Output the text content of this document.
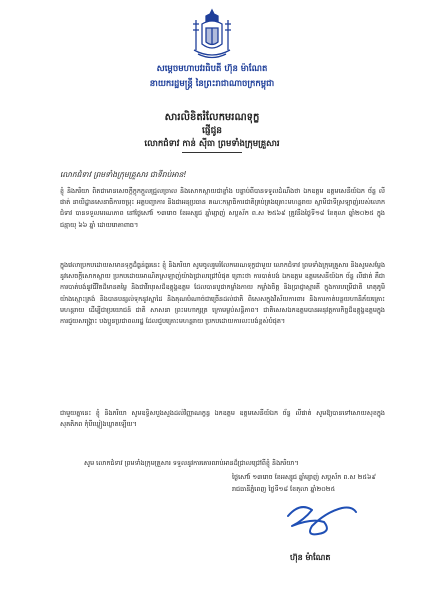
សម្ដេចមហាបវរធិបតី ហ៊ុន ម៉ាណែត
នាយករដ្ឋមន្ត្រី នៃព្រះរាជាណាចក្រកម្ពុជា
សារលិខិតរំលែកមរណទុក្ខ
ផ្ញើជូន
លោកជំទាវ កាន់ ស៊ីធា ព្រមទាំងក្រុមគ្រួសារ
លោកជំទាវ ព្រមទាំងក្រុមគ្រួសារ ជាទីរាប់អាន!

ខ្ញុំ និងភរិយា ពិតជាមានសេចក្ដីក្ដុកក្ដួលជ្រួលច្រាល និងសោកស្ដាយជាខ្លាំង បន្ទាប់ពីបានទទួលដំណឹងថា ឯកឧត្តម ឧត្តមសេនីយ៍ឯក ច័ន្ទ លីផាត់ នាយិដ្ឋានសេនាធិការចម្រុះ អគ្គបញ្ជាការ និងជាអនុប្រធាន គណៈកម្មាធិការជាតិគ្រប់គ្រងគ្រោះមហន្តរាយ ស្វាមីជាទីស្រឡាញ់របស់លោកជំទាវ បានទទួលមរណភាព នៅថ្ងៃសៅរ៍ ១៣រោច ខែអស្សុជ ឆ្នាំម្សាញ់ សប្តស័ក ព.ស ២៥៦៩ ត្រូវនឹងថ្ងៃទី១៨ ខែតុលា ឆ្នាំ២០២៥ ក្នុងជន្មាយុ ៦៦ ឆ្នាំ ដោយរោគាពាធ។

ក្នុងវេលាប្រកបដោយសមានទុក្ខដ៏ធ្ងន់ធ្ងរនេះ ខ្ញុំ និងភរិយា សូមចូលរួមរំលែកមរណទុក្ខជាមួយ លោកជំទាវ ព្រមទាំងក្រុមគ្រួសារ និងសូមសម្ដែងនូវសេចក្ដីសោកស្ដាយ ប្រកបដោយអាណិតស្រឡាញ់យ៉ាងជ្រាលជ្រៅបំផុត ព្រោះថា ការបាត់បង់ ឯកឧត្តម ឧត្តមសេនីយ៍ឯក ច័ន្ទ លីផាត់ គឺជាការបាត់បង់នូវជីវិតដ៏មានតម្លៃ និងជាវីរបុរសដ៏ឧត្តុង្គឧត្តម ដែលបានបូជាកម្លាំងកាយ កម្លាំងចិត្ត និងប្រាជ្ញាស្មារតី ក្នុងការបម្រើជាតិ មាតុភូមិ យ៉ាងស្មោះត្រង់ និងបានបន្សល់ទុកនូវស្នាដៃ និងគុណបំណាច់ជាច្រើនដល់ជាតិ ពិសេសក្នុងវិស័យការពារ និងការកាត់បន្ថយហានិភ័យគ្រោះមហន្តរាយ ដើម្បីជាប្រយោជន៍ ជាតិ សាសនា ព្រះមហាក្សត្រ ក្រោមម្លប់សន្តិភាព។ ជាតិសេសឯកឧត្តមបានអនុវត្តការកិច្ចដ៏ឧត្តុង្គឧត្តមក្នុងការជួយសង្គ្រោះ បងប្អូនប្រជាពលរដ្ឋ ដែលជួបគ្រោះមហន្តរាយ ប្រកបដោយការលះបង់ខ្ពស់បំផុត។

ជាមួយគ្នានេះ ខ្ញុំ និងភរិយា សូមឧទ្ទិសបួងសួងដល់វិញ្ញាណក្ខន្ធ ឯកឧត្តម ឧត្តមសេនីយ៍ឯក ច័ន្ទ លីផាត់ សូមឱ្យបានទៅសោយសុខក្នុងសុគតិភព កុំបីឃ្លៀងឃ្លាតឡើយ។

សូម លោកជំទាវ ព្រមទាំងក្រុមគ្រួសារ ទទួលនូវការគោរពរាប់អានដ៏ជ្រាលជ្រៅពីខ្ញុំ និងភរិយា។
ថ្ងៃសៅរ៍ ១៣រោច ខែអស្សុជ ឆ្នាំម្សាញ់ សប្តស័ក ព.ស ២៥៦៩
រាជធានីភ្នំពេញ ថ្ងៃទី១៨ ខែតុលា ឆ្នាំ២០២៥
ហ៊ុន ម៉ាណែត
